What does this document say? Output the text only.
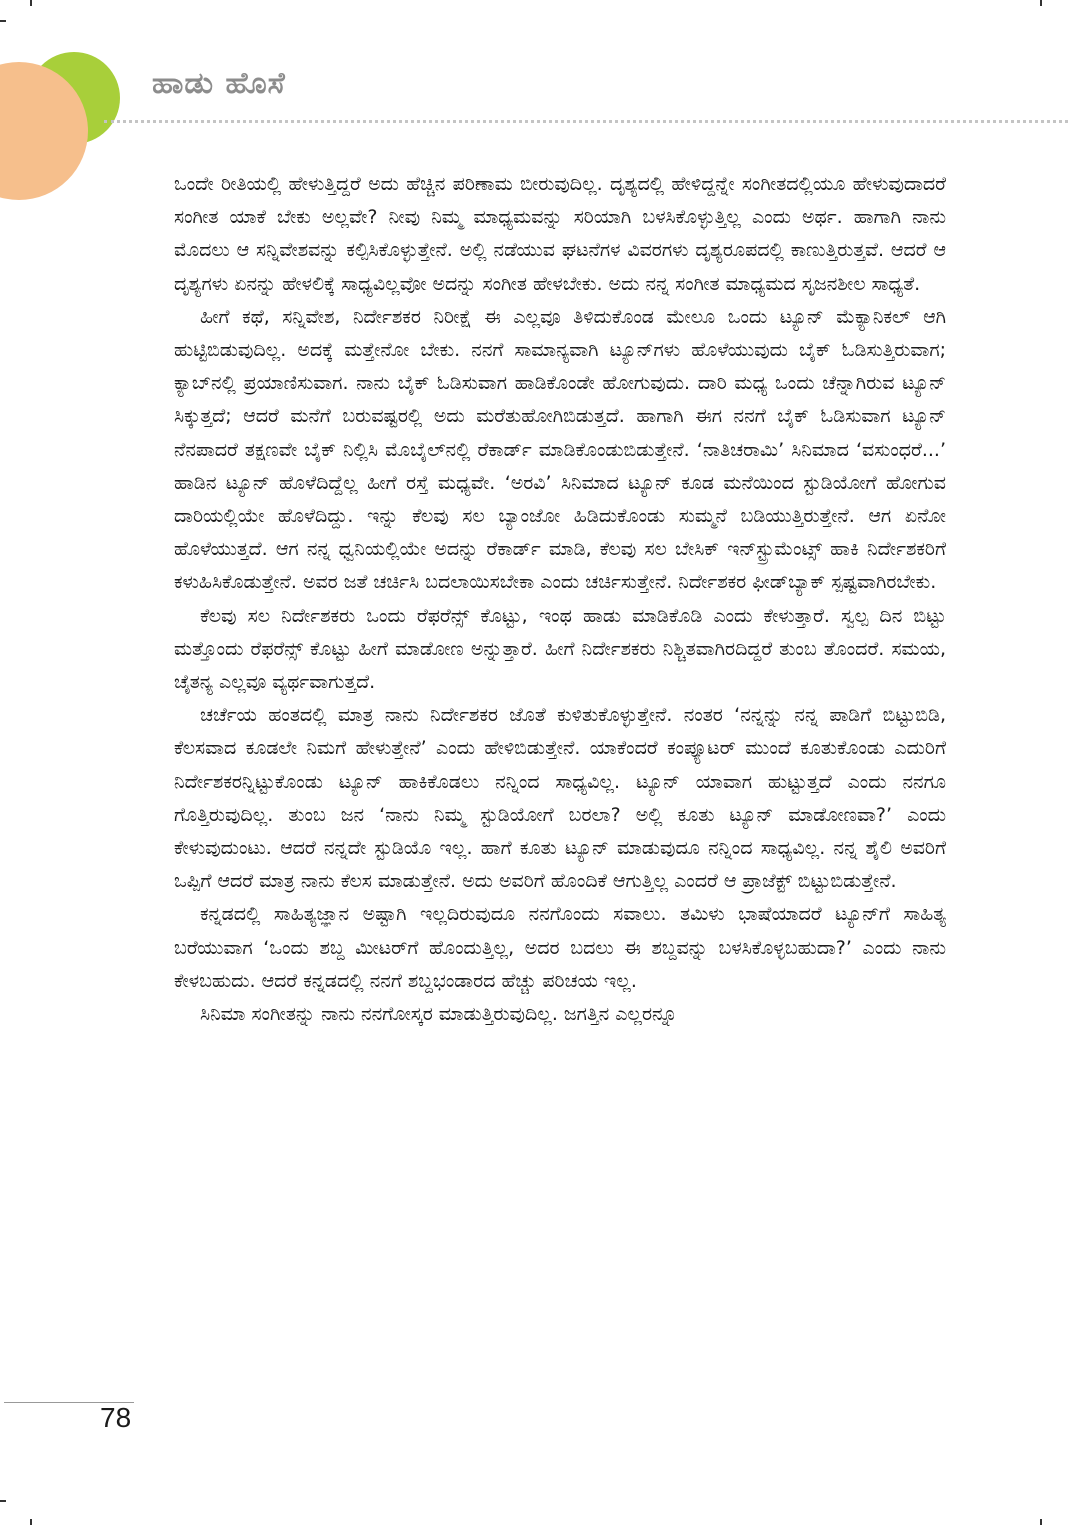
ಹಾಡು ಹೊಸೆ

ಒಂದೇ ರೀತಿಯಲ್ಲಿ ಹೇಳುತ್ತಿದ್ದರೆ ಅದು ಹೆಚ್ಚಿನ ಪರಿಣಾಮ ಬೀರುವುದಿಲ್ಲ. ದೃಶ್ಯದಲ್ಲಿ ಹೇಳಿದ್ದನ್ನೇ ಸಂಗೀತದಲ್ಲಿಯೂ ಹೇಳುವುದಾದರೆ ಸಂಗೀತ ಯಾಕೆ ಬೇಕು ಅಲ್ಲವೇ? ನೀವು ನಿಮ್ಮ ಮಾಧ್ಯಮವನ್ನು ಸರಿಯಾಗಿ ಬಳಸಿಕೊಳ್ಳುತ್ತಿಲ್ಲ ಎಂದು ಅರ್ಥ. ಹಾಗಾಗಿ ನಾನು ಮೊದಲು ಆ ಸನ್ನಿವೇಶವನ್ನು ಕಲ್ಪಿಸಿಕೊಳ್ಳುತ್ತೇನೆ. ಅಲ್ಲಿ ನಡೆಯುವ ಘಟನೆಗಳ ವಿವರಗಳು ದೃಶ್ಯರೂಪದಲ್ಲಿ ಕಾಣುತ್ತಿರುತ್ತವೆ. ಆದರೆ ಆ ದೃಶ್ಯಗಳು ಏನನ್ನು ಹೇಳಲಿಕ್ಕೆ ಸಾಧ್ಯವಿಲ್ಲವೋ ಅದನ್ನು ಸಂಗೀತ ಹೇಳಬೇಕು. ಅದು ನನ್ನ ಸಂಗೀತ ಮಾಧ್ಯಮದ ಸೃಜನಶೀಲ ಸಾಧ್ಯತೆ.

ಹೀಗೆ ಕಥೆ, ಸನ್ನಿವೇಶ, ನಿರ್ದೇಶಕರ ನಿರೀಕ್ಷೆ ಈ ಎಲ್ಲವೂ ತಿಳಿದುಕೊಂಡ ಮೇಲೂ ಒಂದು ಟ್ಯೂನ್ ಮೆಕ್ಯಾನಿಕಲ್ ಆಗಿ ಹುಟ್ಟಿಬಿಡುವುದಿಲ್ಲ. ಅದಕ್ಕೆ ಮತ್ತೇನೋ ಬೇಕು. ನನಗೆ ಸಾಮಾನ್ಯವಾಗಿ ಟ್ಯೂನ್‌ಗಳು ಹೊಳೆಯುವುದು ಬೈಕ್ ಓಡಿಸುತ್ತಿರುವಾಗ; ಕ್ಯಾಬ್‌ನಲ್ಲಿ ಪ್ರಯಾಣಿಸುವಾಗ. ನಾನು ಬೈಕ್ ಓಡಿಸುವಾಗ ಹಾಡಿಕೊಂಡೇ ಹೋಗುವುದು. ದಾರಿ ಮಧ್ಯ ಒಂದು ಚೆನ್ನಾಗಿರುವ ಟ್ಯೂನ್ ಸಿಕ್ಕುತ್ತದೆ; ಆದರೆ ಮನೆಗೆ ಬರುವಷ್ಟರಲ್ಲಿ ಅದು ಮರೆತುಹೋಗಿಬಿಡುತ್ತದೆ. ಹಾಗಾಗಿ ಈಗ ನನಗೆ ಬೈಕ್ ಓಡಿಸುವಾಗ ಟ್ಯೂನ್ ನೆನಪಾದರೆ ತಕ್ಷಣವೇ ಬೈಕ್ ನಿಲ್ಲಿಸಿ ಮೊಬೈಲ್‌ನಲ್ಲಿ ರೆಕಾರ್ಡ್ ಮಾಡಿಕೊಂಡುಬಿಡುತ್ತೇನೆ. ‘ನಾತಿಚರಾಮಿ’ ಸಿನಿಮಾದ ‘ವಸುಂಧರೆ...’ ಹಾಡಿನ ಟ್ಯೂನ್ ಹೊಳೆದಿದ್ದೆಲ್ಲ ಹೀಗೆ ರಸ್ತೆ ಮಧ್ಯವೇ. ‘ಅರವಿ’ ಸಿನಿಮಾದ ಟ್ಯೂನ್ ಕೂಡ ಮನೆಯಿಂದ ಸ್ಟುಡಿಯೋಗೆ ಹೋಗುವ ದಾರಿಯಲ್ಲಿಯೇ ಹೊಳೆದಿದ್ದು. ಇನ್ನು ಕೆಲವು ಸಲ ಬ್ಯಾಂಜೋ ಹಿಡಿದುಕೊಂಡು ಸುಮ್ಮನೆ ಬಡಿಯುತ್ತಿರುತ್ತೇನೆ. ಆಗ ಏನೋ ಹೊಳೆಯುತ್ತದೆ. ಆಗ ನನ್ನ ಧ್ವನಿಯಲ್ಲಿಯೇ ಅದನ್ನು ರೆಕಾರ್ಡ್ ಮಾಡಿ, ಕೆಲವು ಸಲ ಬೇಸಿಕ್ ಇನ್‌ಸ್ಟ್ರುಮೆಂಟ್ಸ್ ಹಾಕಿ ನಿರ್ದೇಶಕರಿಗೆ ಕಳುಹಿಸಿಕೊಡುತ್ತೇನೆ. ಅವರ ಜತೆ ಚರ್ಚಿಸಿ ಬದಲಾಯಿಸಬೇಕಾ ಎಂದು ಚರ್ಚಿಸುತ್ತೇನೆ. ನಿರ್ದೇಶಕರ ಫೀಡ್‌ಬ್ಯಾಕ್ ಸ್ಪಷ್ಟವಾಗಿರಬೇಕು.

ಕೆಲವು ಸಲ ನಿರ್ದೇಶಕರು ಒಂದು ರೆಫರೆನ್ಸ್ ಕೊಟ್ಟು, ಇಂಥ ಹಾಡು ಮಾಡಿಕೊಡಿ ಎಂದು ಕೇಳುತ್ತಾರೆ. ಸ್ವಲ್ಪ ದಿನ ಬಿಟ್ಟು ಮತ್ತೊಂದು ರೆಫರೆನ್ಸ್ ಕೊಟ್ಟು ಹೀಗೆ ಮಾಡೋಣ ಅನ್ನುತ್ತಾರೆ. ಹೀಗೆ ನಿರ್ದೇಶಕರು ನಿಶ್ಚಿತವಾಗಿರದಿದ್ದರೆ ತುಂಬ ತೊಂದರೆ. ಸಮಯ, ಚೈತನ್ಯ ಎಲ್ಲವೂ ವ್ಯರ್ಥವಾಗುತ್ತದೆ.

ಚರ್ಚೆಯ ಹಂತದಲ್ಲಿ ಮಾತ್ರ ನಾನು ನಿರ್ದೇಶಕರ ಜೊತೆ ಕುಳಿತುಕೊಳ್ಳುತ್ತೇನೆ. ನಂತರ ‘ನನ್ನನ್ನು ನನ್ನ ಪಾಡಿಗೆ ಬಿಟ್ಟುಬಿಡಿ, ಕೆಲಸವಾದ ಕೂಡಲೇ ನಿಮಗೆ ಹೇಳುತ್ತೇನೆ’ ಎಂದು ಹೇಳಿಬಿಡುತ್ತೇನೆ. ಯಾಕೆಂದರೆ ಕಂಪ್ಯೂಟರ್ ಮುಂದೆ ಕೂತುಕೊಂಡು ಎದುರಿಗೆ ನಿರ್ದೇಶಕರನ್ನಿಟ್ಟುಕೊಂಡು ಟ್ಯೂನ್ ಹಾಕಿಕೊಡಲು ನನ್ನಿಂದ ಸಾಧ್ಯವಿಲ್ಲ. ಟ್ಯೂನ್ ಯಾವಾಗ ಹುಟ್ಟುತ್ತದೆ ಎಂದು ನನಗೂ ಗೊತ್ತಿರುವುದಿಲ್ಲ. ತುಂಬ ಜನ ‘ನಾನು ನಿಮ್ಮ ಸ್ಟುಡಿಯೋಗೆ ಬರಲಾ? ಅಲ್ಲಿ ಕೂತು ಟ್ಯೂನ್ ಮಾಡೋಣವಾ?’ ಎಂದು ಕೇಳುವುದುಂಟು. ಆದರೆ ನನ್ನದೇ ಸ್ಟುಡಿಯೊ ಇಲ್ಲ. ಹಾಗೆ ಕೂತು ಟ್ಯೂನ್ ಮಾಡುವುದೂ ನನ್ನಿಂದ ಸಾಧ್ಯವಿಲ್ಲ. ನನ್ನ ಶೈಲಿ ಅವರಿಗೆ ಒಪ್ಪಿಗೆ ಆದರೆ ಮಾತ್ರ ನಾನು ಕೆಲಸ ಮಾಡುತ್ತೇನೆ. ಅದು ಅವರಿಗೆ ಹೊಂದಿಕೆ ಆಗುತ್ತಿಲ್ಲ ಎಂದರೆ ಆ ಪ್ರಾಜೆಕ್ಟ್ ಬಿಟ್ಟುಬಿಡುತ್ತೇನೆ.

ಕನ್ನಡದಲ್ಲಿ ಸಾಹಿತ್ಯಜ್ಞಾನ ಅಷ್ಟಾಗಿ ಇಲ್ಲದಿರುವುದೂ ನನಗೊಂದು ಸವಾಲು. ತಮಿಳು ಭಾಷೆಯಾದರೆ ಟ್ಯೂನ್‌ಗೆ ಸಾಹಿತ್ಯ ಬರೆಯುವಾಗ ‘ಒಂದು ಶಬ್ದ ಮೀಟರ್‌ಗೆ ಹೊಂದುತ್ತಿಲ್ಲ, ಅದರ ಬದಲು ಈ ಶಬ್ದವನ್ನು ಬಳಸಿಕೊಳ್ಳಬಹುದಾ?’ ಎಂದು ನಾನು ಕೇಳಬಹುದು. ಆದರೆ ಕನ್ನಡದಲ್ಲಿ ನನಗೆ ಶಬ್ದಭಂಡಾರದ ಹೆಚ್ಚು ಪರಿಚಯ ಇಲ್ಲ.

ಸಿನಿಮಾ ಸಂಗೀತನ್ನು ನಾನು ನನಗೋಸ್ಕರ ಮಾಡುತ್ತಿರುವುದಿಲ್ಲ. ಜಗತ್ತಿನ ಎಲ್ಲರನ್ನೂ

78
